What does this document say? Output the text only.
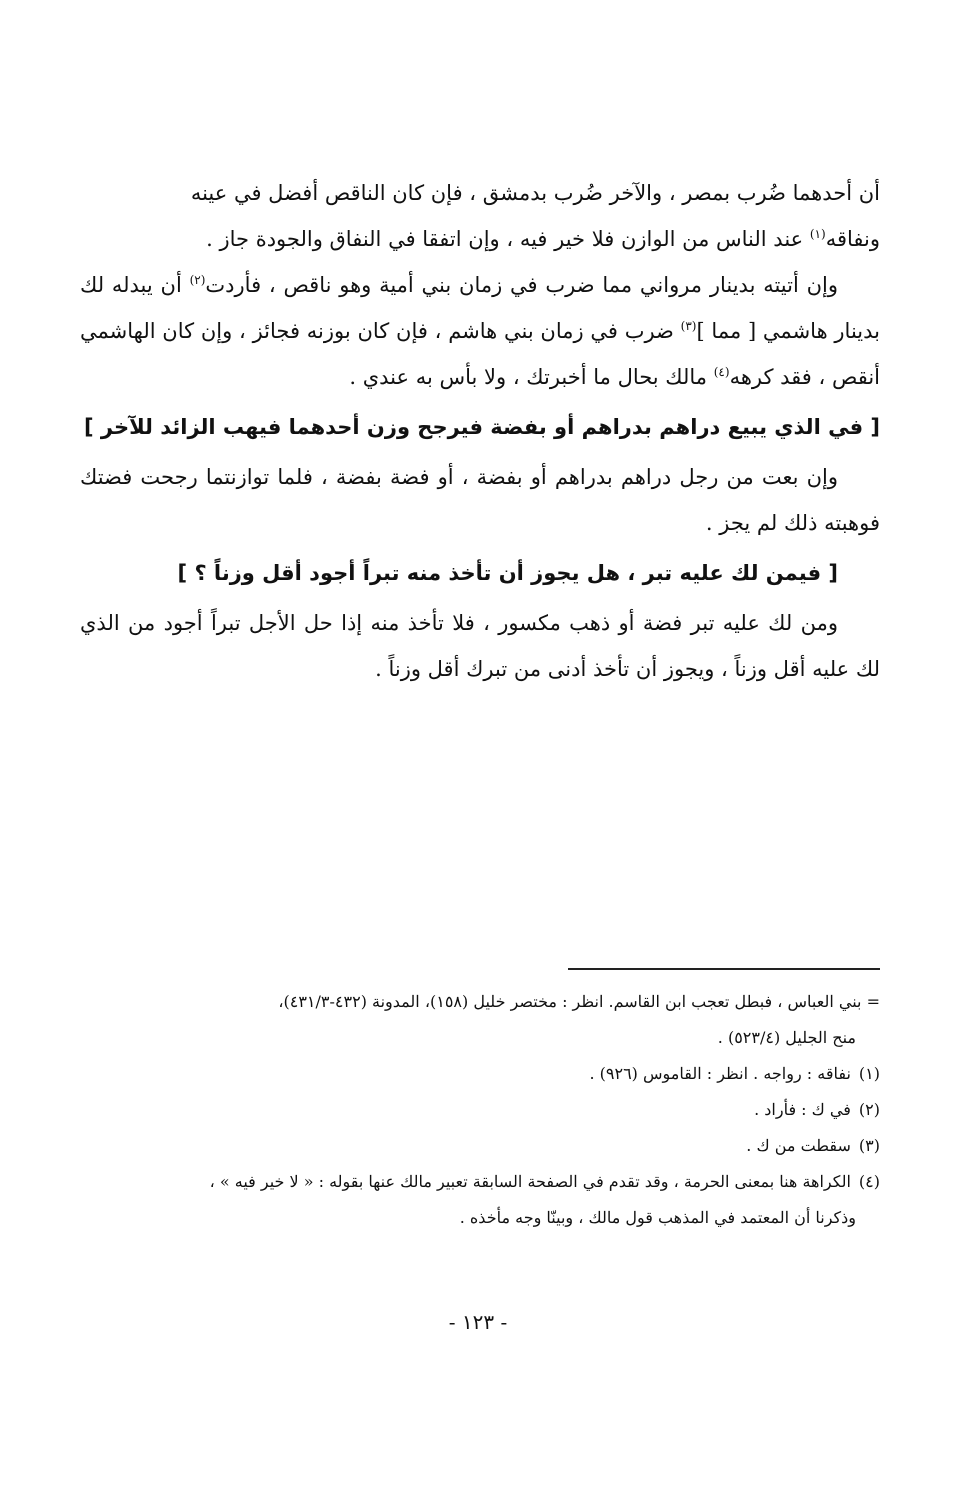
أن أحدهما ضُرب بمصر ، والآخر ضُرب بدمشق ، فإن كان الناقص أفضل في عينه
ونفاقه$^{(١)}$ عند الناس من الوازن فلا خير فيه ، وإن اتفقا في النفاق والجودة جاز .

وإن أتيته بدينار مرواني مما ضرب في زمان بني أمية وهو ناقص ، فأردت$^{(٢)}$ أن يبدله لك بدينار هاشمي [ مما ]$^{(٣)}$ ضرب في زمان بني هاشم ، فإن كان بوزنه فجائز ، وإن كان الهاشمي أنقص ، فقد كرهه$^{(٤)}$ مالك بحال ما أخبرتك ، ولا بأس به عندي .

[ في الذي يبيع دراهم بدراهم أو بفضة فيرجح وزن أحدهما فيهب الزائد للآخر ]

وإن بعت من رجل دراهم بدراهم أو بفضة ، أو فضة بفضة ، فلما توازنتما رجحت فضتك فوهبته ذلك لم يجز .

[ فيمن لك عليه تبر ، هل يجوز أن تأخذ منه تبراً أجود أقل وزناً ؟ ]

ومن لك عليه تبر فضة أو ذهب مكسور ، فلا تأخذ منه إذا حل الأجل تبراً أجود من الذي لك عليه أقل وزناً ، ويجوز أن تأخذ أدنى من تبرك أقل وزناً .

= بني العباس ، فبطل تعجب ابن القاسم. انظر : مختصر خليل (١٥٨)، المدونة (٤٣٢-٤٣١/٣)،
منح الجليل (٥٢٣/٤) .

(١)نفاقه : رواجه . انظر : القاموس (٩٢٦) .

(٢)في ك : فأراد .

(٣)سقطت من ك .

(٤)الكراهة هنا بمعنى الحرمة ، وقد تقدم في الصفحة السابقة تعبير مالك عنها بقوله : « لا خير فيه » ،

وذكرنا أن المعتمد في المذهب قول مالك ، وبينّا وجه مأخذه .

- ١٢٣ -
